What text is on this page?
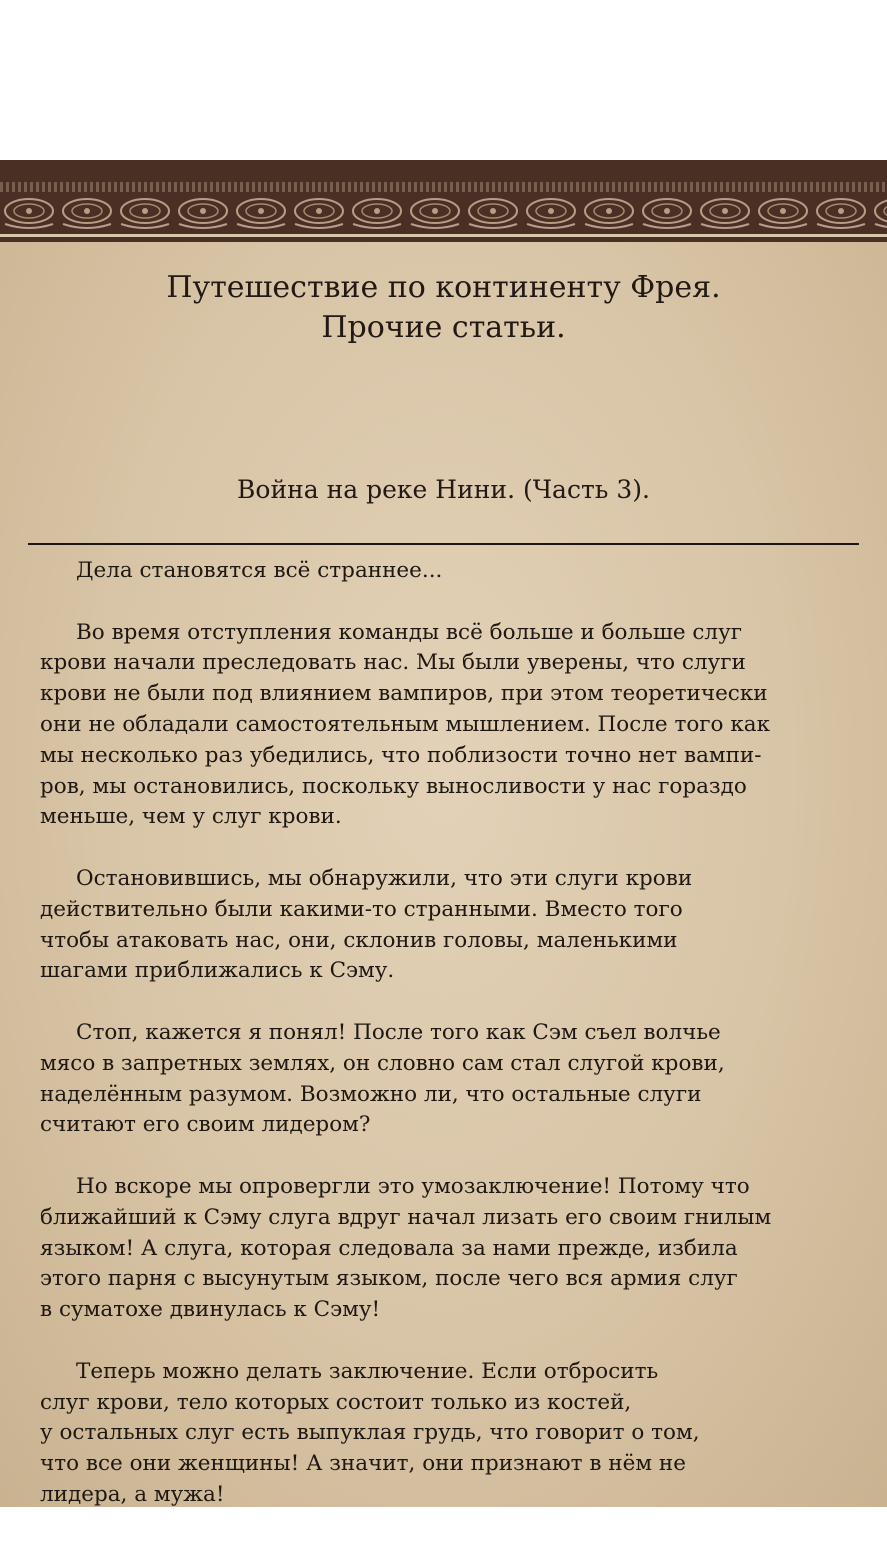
Путешествие по континенту Фрея.
Прочие статьи.
Война на реке Нини. (Часть 3).

Дела становятся всё страннее...

Во время отступления команды всё больше и больше слуг
крови начали преследовать нас. Мы были уверены, что слуги
крови не были под влиянием вампиров, при этом теоретически
они не обладали самостоятельным мышлением. После того как
мы несколько раз убедились, что поблизости точно нет вампи-
ров, мы остановились, поскольку выносливости у нас гораздо
меньше, чем у слуг крови.

Остановившись, мы обнаружили, что эти слуги крови
действительно были какими-то странными. Вместо того
чтобы атаковать нас, они, склонив головы, маленькими
шагами приближались к Сэму.

Стоп, кажется я понял! После того как Сэм съел волчье
мясо в запретных землях, он словно сам стал слугой крови,
наделённым разумом. Возможно ли, что остальные слуги
считают его своим лидером?

Но вскоре мы опровергли это умозаключение! Потому что
ближайший к Сэму слуга вдруг начал лизать его своим гнилым
языком! А слуга, которая следовала за нами прежде, избила
этого парня с высунутым языком, после чего вся армия слуг
в суматохе двинулась к Сэму!

Теперь можно делать заключение. Если отбросить
слуг крови, тело которых состоит только из костей,
у остальных слуг есть выпуклая грудь, что говорит о том,
что все они женщины! А значит, они признают в нём не
лидера, а мужа!
